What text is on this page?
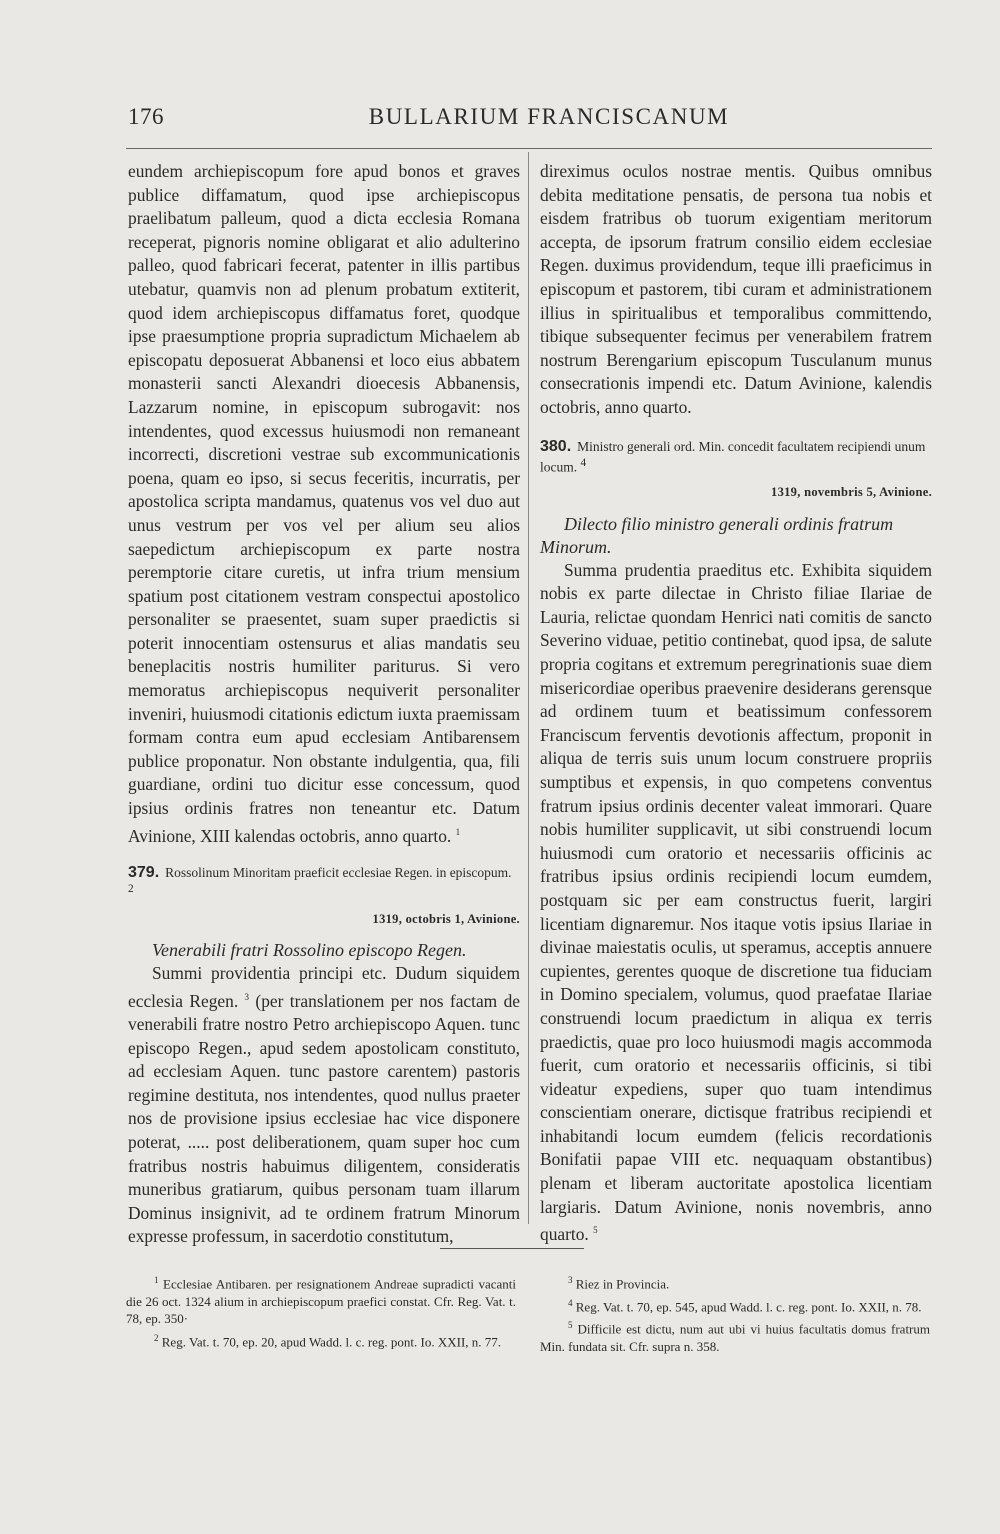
176	BULLARIUM FRANCISCANUM

eundem archiepiscopum fore apud bonos et graves publice diffamatum, quod ipse archiepiscopus praelibatum palleum, quod a dicta ecclesia Romana receperat, pignoris nomine obligarat et alio adulterino palleo, quod fabricari fecerat, patenter in illis partibus utebatur, quamvis non ad plenum probatum extiterit, quod idem archiepiscopus diffamatus foret, quodque ipse praesumptione propria supradictum Michaelem ab episcopatu deposuerat Abbanensi et loco eius abbatem monasterii sancti Alexandri dioecesis Abbanensis, Lazzarum nomine, in episcopum subrogavit: nos intendentes, quod excessus huiusmodi non remaneant incorrecti, discretioni vestrae sub excommunicationis poena, quam eo ipso, si secus feceritis, incurratis, per apostolica scripta mandamus, quatenus vos vel duo aut unus vestrum per vos vel per alium seu alios saepedictum archiepiscopum ex parte nostra peremptorie citare curetis, ut infra trium mensium spatium post citationem vestram conspectui apostolico personaliter se praesentet, suam super praedictis si poterit innocentiam ostensurus et alias mandatis seu beneplacitis nostris humiliter pariturus. Si vero memoratus archiepiscopus nequiverit personaliter inveniri, huiusmodi citationis edictum iuxta praemissam formam contra eum apud ecclesiam Antibarensem publice proponatur. Non obstante indulgentia, qua, fili guardiane, ordini tuo dicitur esse concessum, quod ipsius ordinis fratres non teneantur etc. Datum Avinione, XIII kalendas octobris, anno quarto. $^1$

379. Rossolinum Minoritam praeficit ecclesiae Regen. in episcopum. $^2$
1319, octobris 1, Avinione.

Venerabili fratri Rossolino episcopo Regen.

Summi providentia principi etc. Dudum siquidem ecclesia Regen. $^3$ (per translationem per nos factam de venerabili fratre nostro Petro archiepiscopo Aquen. tunc episcopo Regen., apud sedem apostolicam constituto, ad ecclesiam Aquen. tunc pastore carentem) pastoris regimine destituta, nos intendentes, quod nullus praeter nos de provisione ipsius ecclesiae hac vice disponere poterat, ..... post deliberationem, quam super hoc cum fratribus nostris habuimus diligentem, consideratis muneribus gratiarum, quibus personam tuam illarum Dominus insignivit, ad te ordinem fratrum Minorum expresse professum, in sacerdotio constitutum,

direximus oculos nostrae mentis. Quibus omnibus debita meditatione pensatis, de persona tua nobis et eisdem fratribus ob tuorum exigentiam meritorum accepta, de ipsorum fratrum consilio eidem ecclesiae Regen. duximus providendum, teque illi praeficimus in episcopum et pastorem, tibi curam et administrationem illius in spiritualibus et temporalibus committendo, tibique subsequenter fecimus per venerabilem fratrem nostrum Berengarium episcopum Tusculanum munus consecrationis impendi etc. Datum Avinione, kalendis octobris, anno quarto.

380. Ministro generali ord. Min. concedit facultatem recipiendi unum locum. $^4$
1319, novembris 5, Avinione.

Dilecto filio ministro generali ordinis fratrum Minorum.

Summa prudentia praeditus etc. Exhibita siquidem nobis ex parte dilectae in Christo filiae Ilariae de Lauria, relictae quondam Henrici nati comitis de sancto Severino viduae, petitio continebat, quod ipsa, de salute propria cogitans et extremum peregrinationis suae diem misericordiae operibus praevenire desiderans gerensque ad ordinem tuum et beatissimum confessorem Franciscum ferventis devotionis affectum, proponit in aliqua de terris suis unum locum construere propriis sumptibus et expensis, in quo competens conventus fratrum ipsius ordinis decenter valeat immorari. Quare nobis humiliter supplicavit, ut sibi construendi locum huiusmodi cum oratorio et necessariis officinis ac fratribus ipsius ordinis recipiendi locum eumdem, postquam sic per eam constructus fuerit, largiri licentiam dignaremur. Nos itaque votis ipsius Ilariae in divinae maiestatis oculis, ut speramus, acceptis annuere cupientes, gerentes quoque de discretione tua fiduciam in Domino specialem, volumus, quod praefatae Ilariae construendi locum praedictum in aliqua ex terris praedictis, quae pro loco huiusmodi magis accommoda fuerit, cum oratorio et necessariis officinis, si tibi videatur expediens, super quo tuam intendimus conscientiam onerare, dictisque fratribus recipiendi et inhabitandi locum eumdem (felicis recordationis Bonifatii papae VIII etc. nequaquam obstantibus) plenam et liberam auctoritate apostolica licentiam largiaris. Datum Avinione, nonis novembris, anno quarto. $^5$

$^1$ Ecclesiae Antibaren. per resignationem Andreae supradicti vacanti die 26 oct. 1324 alium in archiepiscopum praefici constat. Cfr. Reg. Vat. t. 78, ep. 350·

$^2$ Reg. Vat. t. 70, ep. 20, apud Wadd. l. c. reg. pont. Io. XXII, n. 77.

$^3$ Riez in Provincia.

$^4$ Reg. Vat. t. 70, ep. 545, apud Wadd. l. c. reg. pont. Io. XXII, n. 78.

$^5$ Difficile est dictu, num aut ubi vi huius facultatis domus fratrum Min. fundata sit. Cfr. supra n. 358.
